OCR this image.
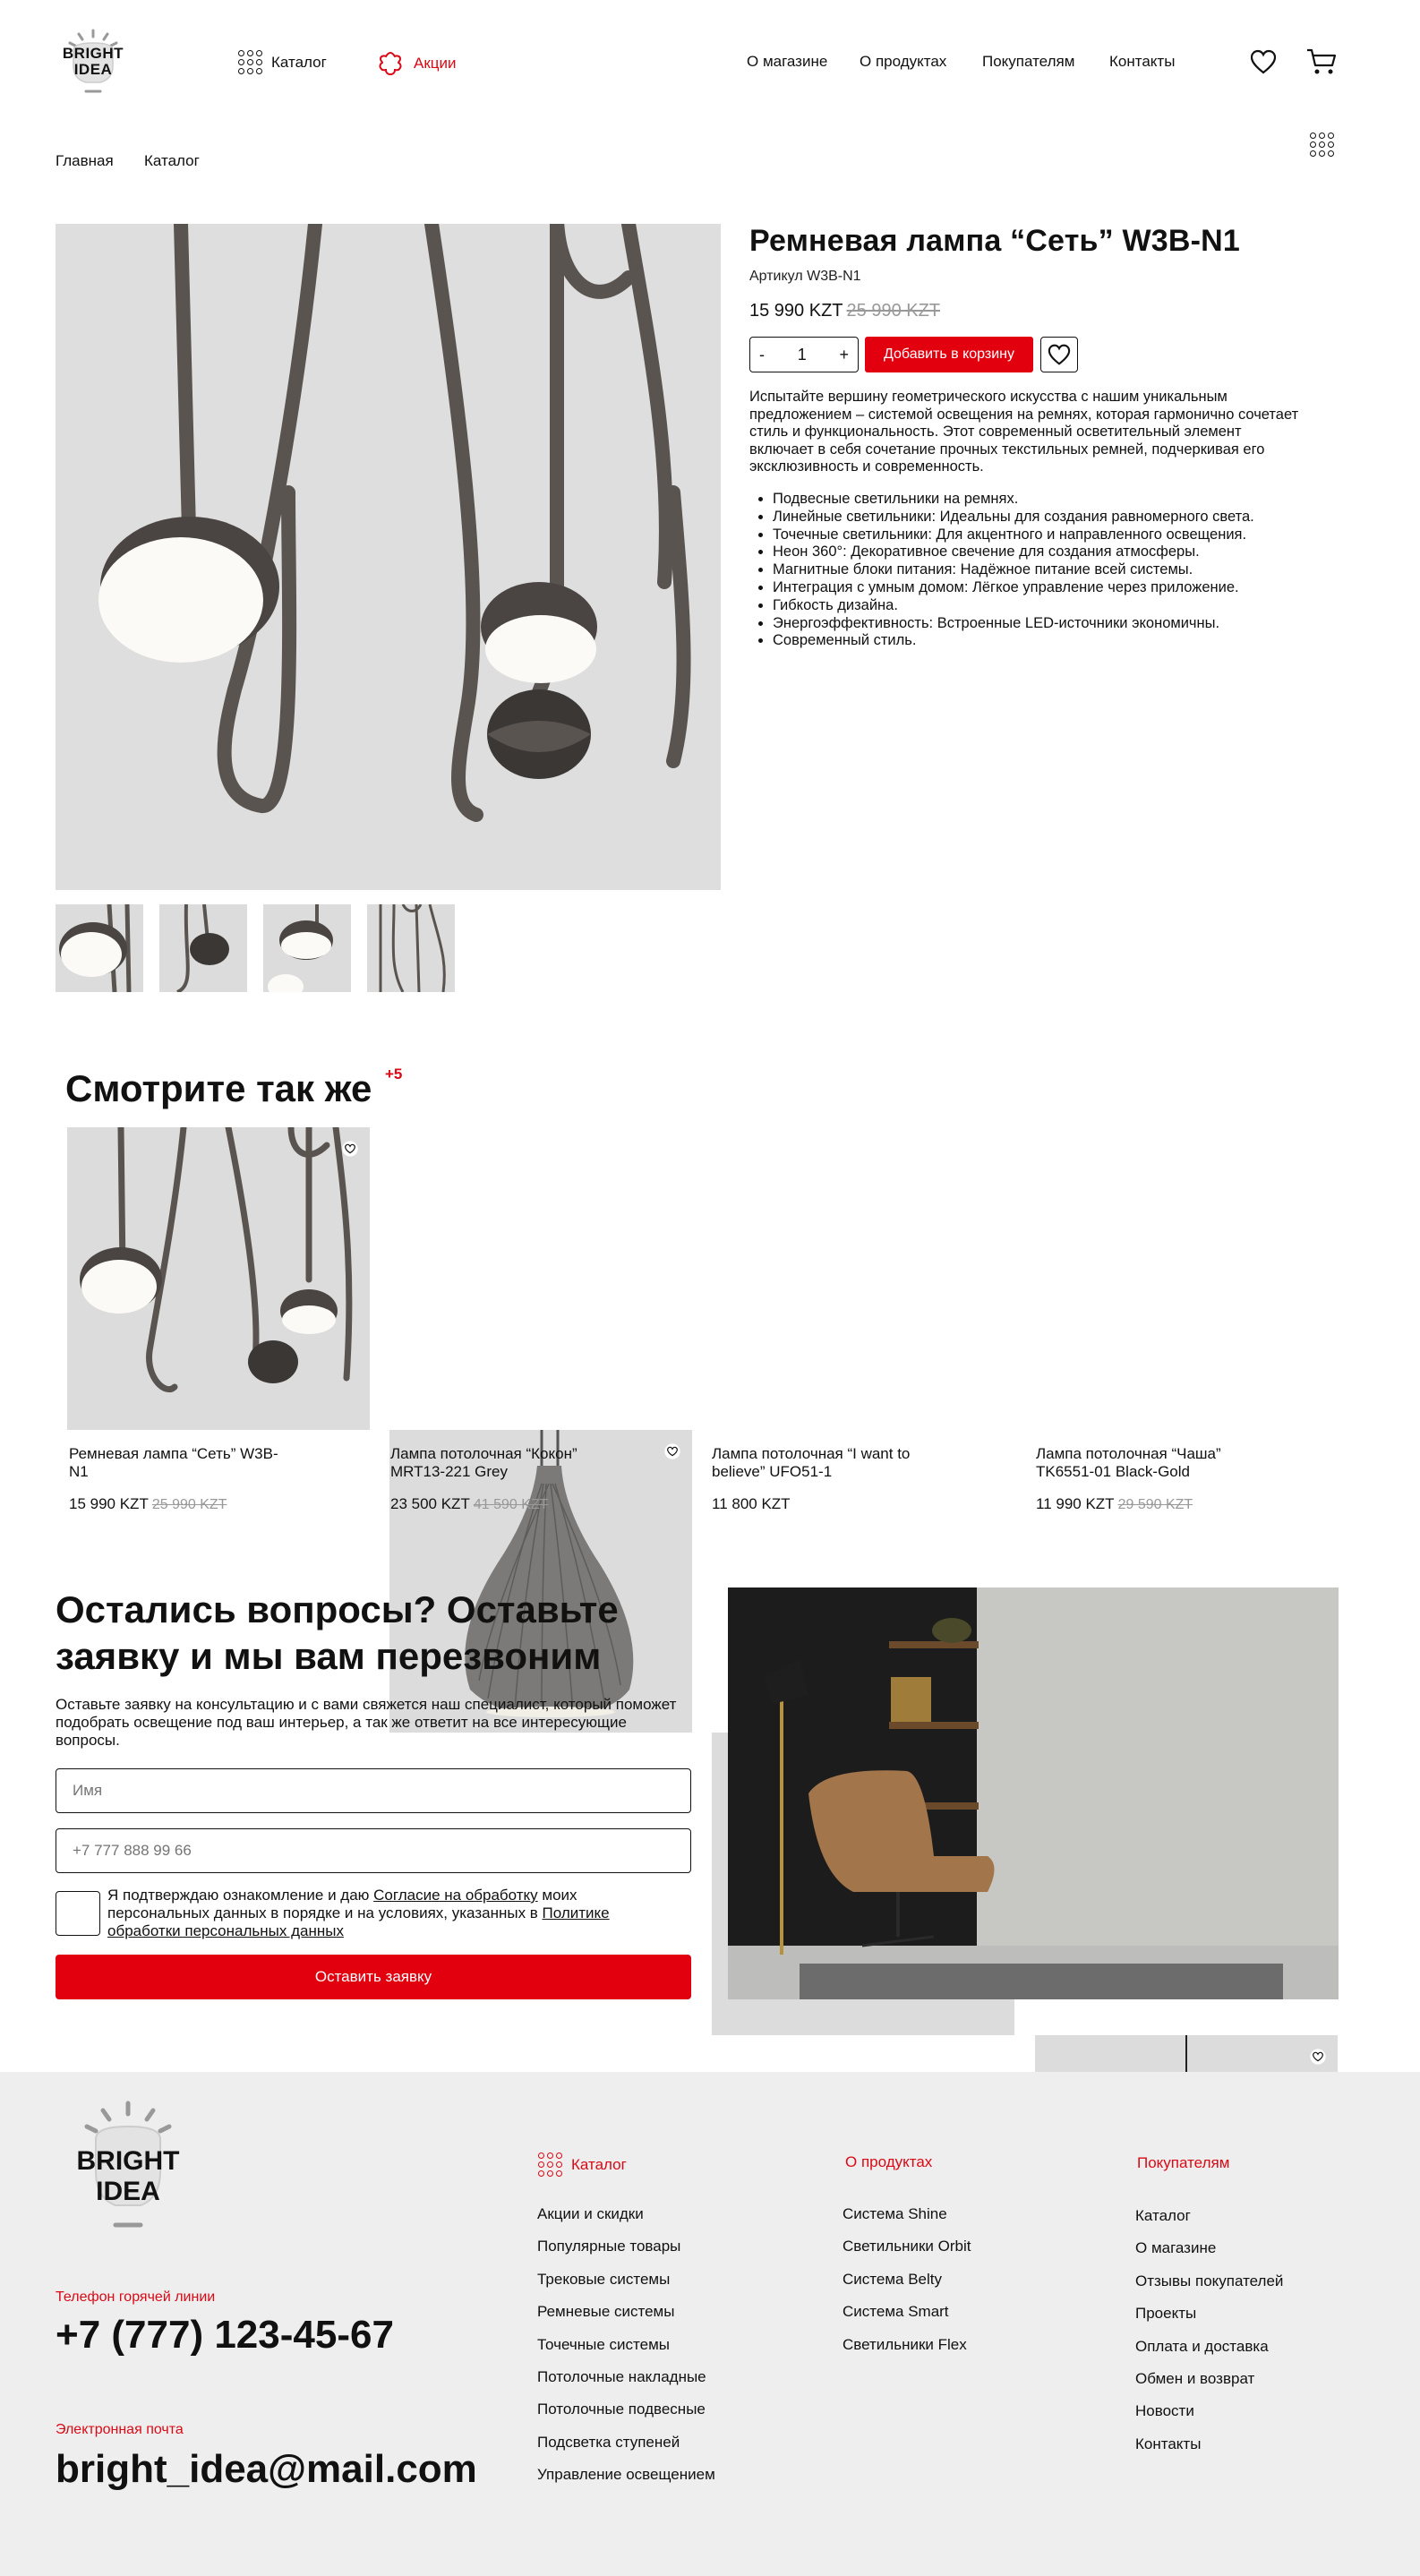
BRIGHT
IDEA	Каталог	Акции	О магазине О продуктах Покупателям Контакты
Главная Каталог
Ремневая лампа “Сеть” W3B-N1
Артикул W3B-N1
15 990 KZT 25 990 KZT
- 1 +	Добавить в корзину
Испытайте вершину геометрического искусства с нашим уникальным предложением – системой освещения на ремнях, которая гармонично сочетает стиль и функциональность. Этот современный осветительный элемент включает в себя сочетание прочных текстильных ремней, подчеркивая его эксклюзивность и современность.
• Подвесные светильники на ремнях.
• Линейные светильники: Идеальны для создания равномерного света.
• Точечные светильники: Для акцентного и направленного освещения.
• Неон 360°: Декоративное свечение для создания атмосферы.
• Магнитные блоки питания: Надёжное питание всей системы.
• Интеграция с умным домом: Лёгкое управление через приложение.
• Гибкость дизайна.
• Энергоэффективность: Встроенные LED-источники экономичны.
• Современный стиль.
Смотрите так же +5
Ремневая лампа “Сеть” W3B-N1
15 990 KZT 25 990 KZT
Лампа потолочная “Кокон” MRT13-221 Grey
23 500 KZT 41 590 KZT
Лампа потолочная “I want to believe” UFO51-1
11 800 KZT
Лампа потолочная “Чаша” TK6551-01 Black-Gold
11 990 KZT 29 590 KZT
Остались вопросы? Оставьте заявку и мы вам перезвоним
Оставьте заявку на консультацию и с вами свяжется наш специалист, который поможет подобрать освещение под ваш интерьер, а так же ответит на все интересующие вопросы.
Имя
+7 777 888 99 66
Я подтверждаю ознакомление и даю Согласие на обработку моих персональных данных в порядке и на условиях, указанных в Политике обработки персональных данных
Оставить заявку
BRIGHT
IDEA
Телефон горячей линии
+7 (777) 123-45-67
Электронная почта
bright_idea@mail.com
Каталог
Акции и скидки
Популярные товары
Трековые системы
Ремневые системы
Точечные системы
Потолочные накладные
Потолочные подвесные
Подсветка ступеней
Управление освещением
О продуктах
Система Shine
Светильники Orbit
Система Belty
Система Smart
Светильники Flex
Покупателям
Каталог
О магазине
Отзывы покупателей
Проекты
Оплата и доставка
Обмен и возврат
Новости
Контакты
